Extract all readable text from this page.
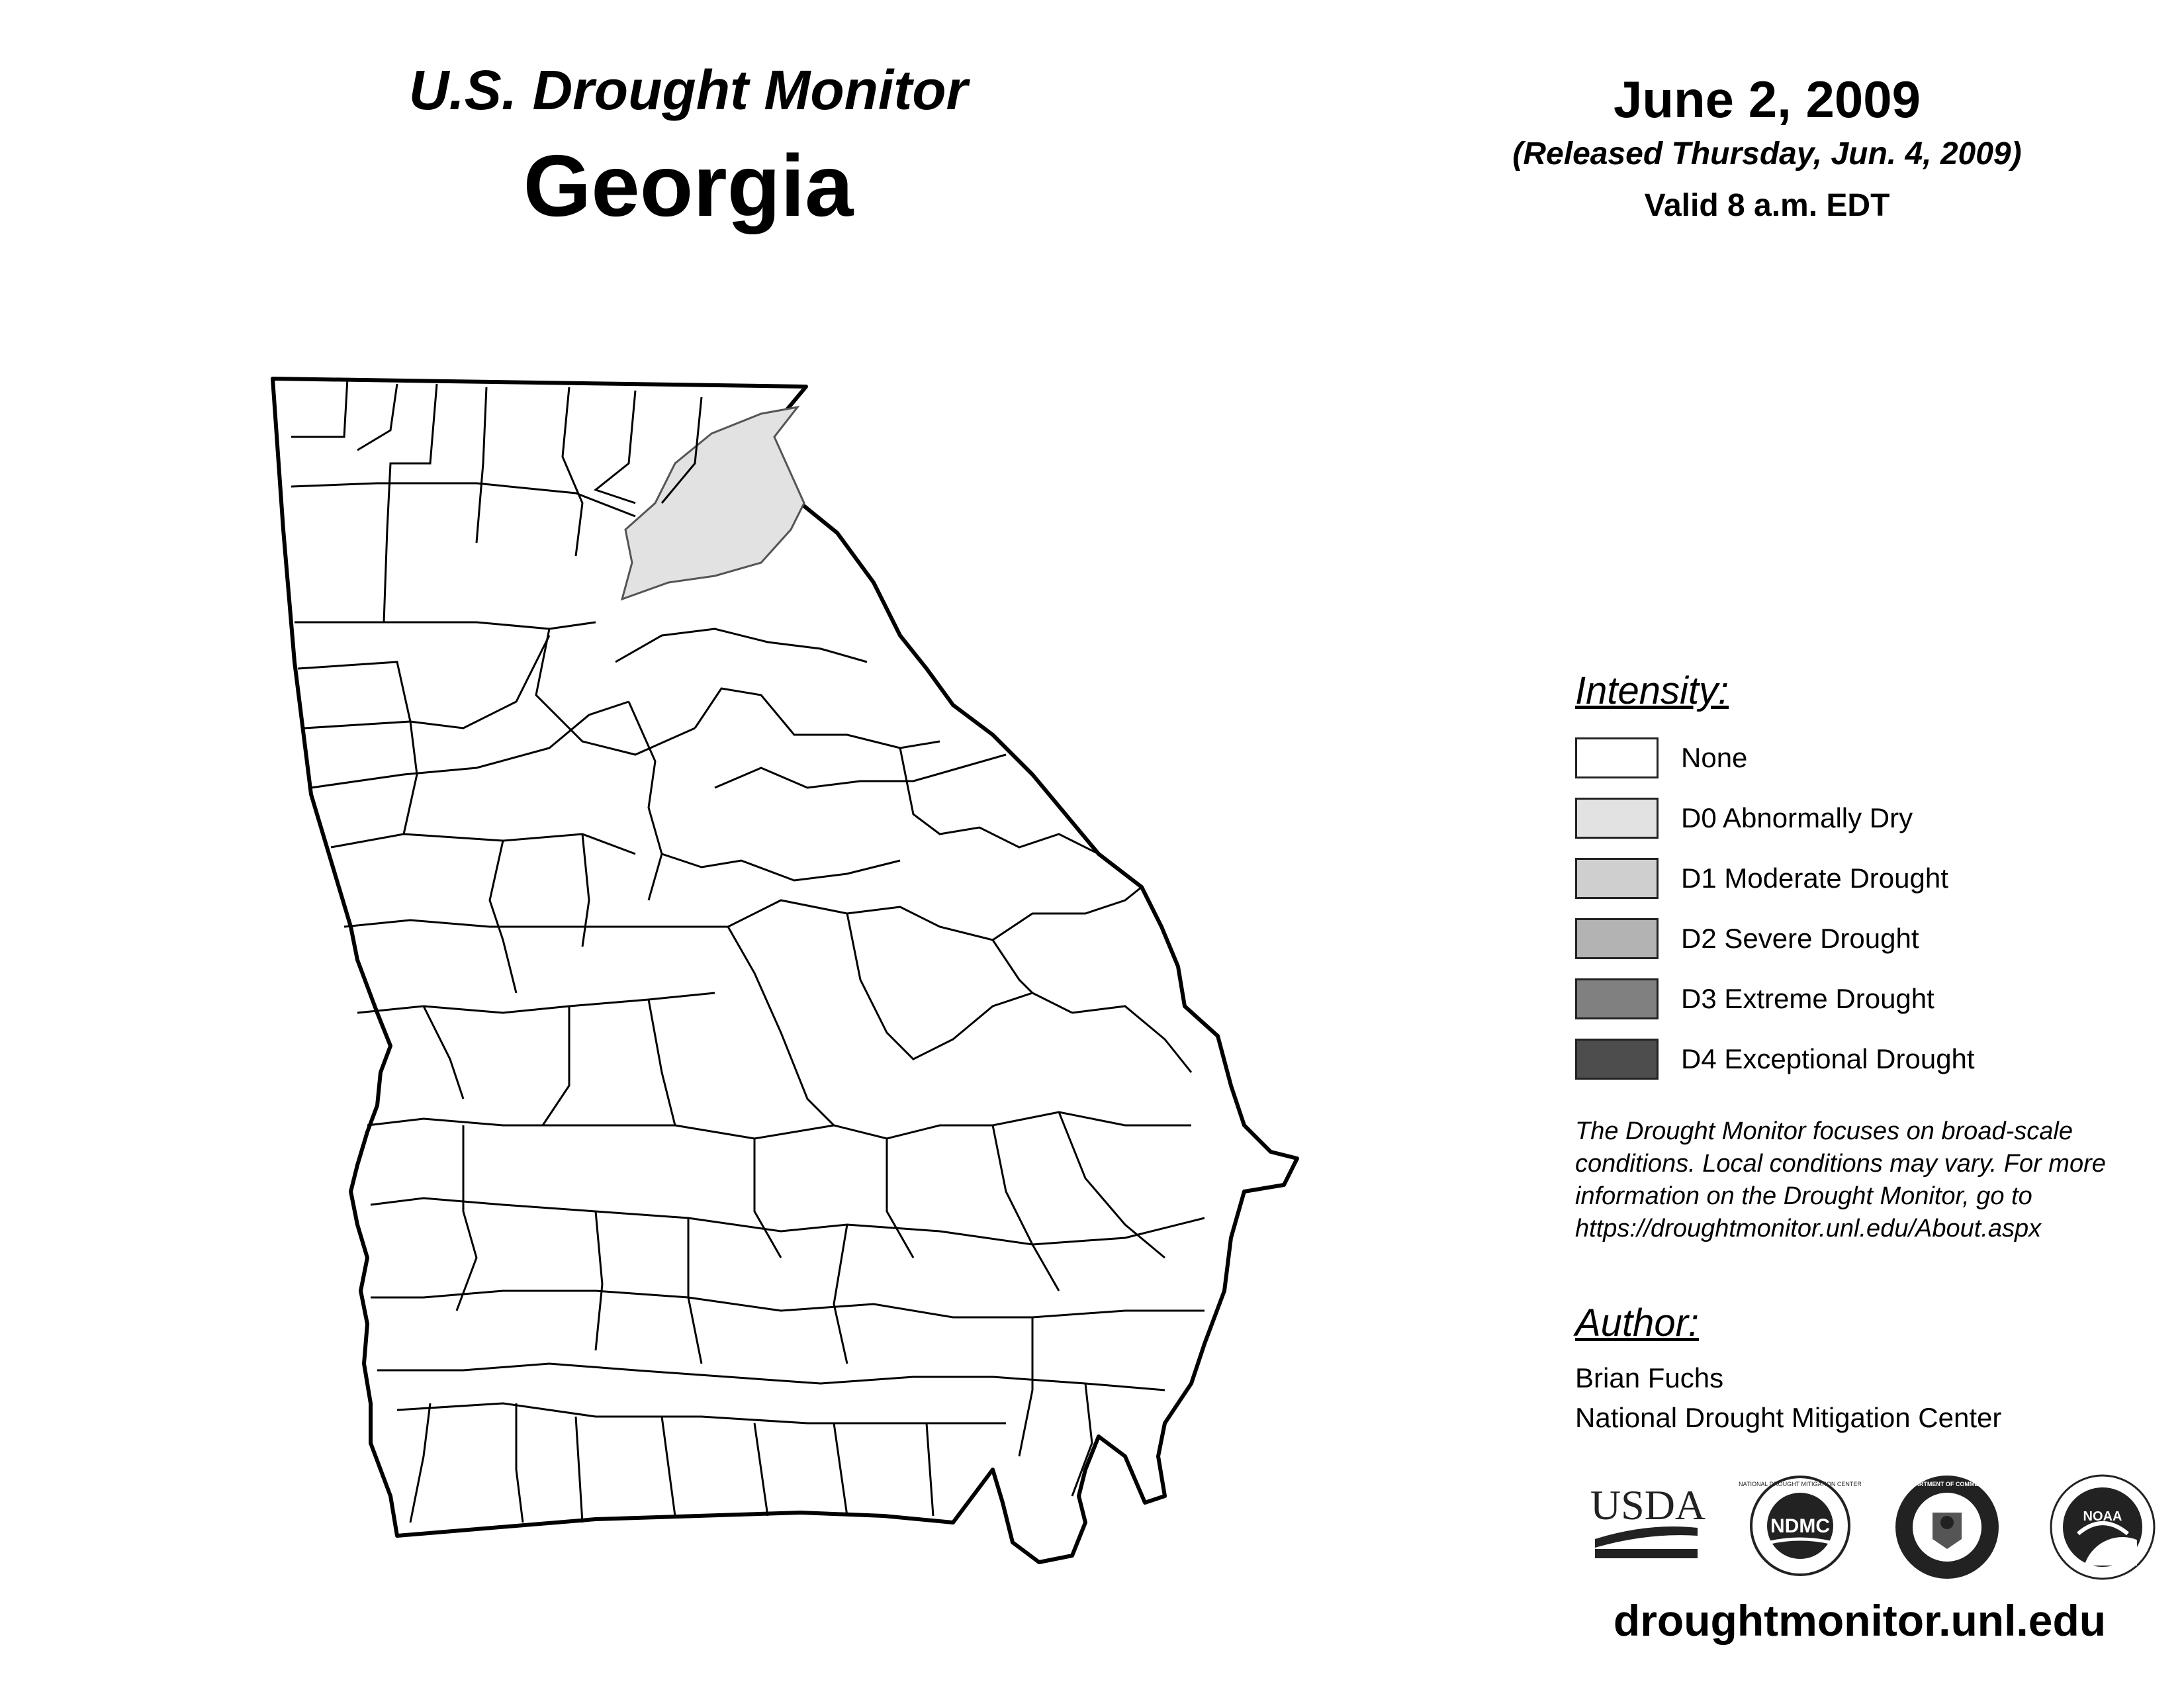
U.S. Drought Monitor
Georgia
June 2, 2009
(Released Thursday, Jun. 4, 2009)
Valid 8 a.m. EDT
Intensity:
None
D0 Abnormally Dry
D1 Moderate Drought
D2 Severe Drought
D3 Extreme Drought
D4 Exceptional Drought
The Drought Monitor focuses on broad-scale conditions. Local conditions may vary. For more information on the Drought Monitor, go to https://droughtmonitor.unl.edu/About.aspx
Author:
Brian Fuchs
National Drought Mitigation Center
USDA	NDMC
NATIONAL DROUGHT MITIGATION CENTER	DEPARTMENT OF COMMERCE
NOAA
droughtmonitor.unl.edu
